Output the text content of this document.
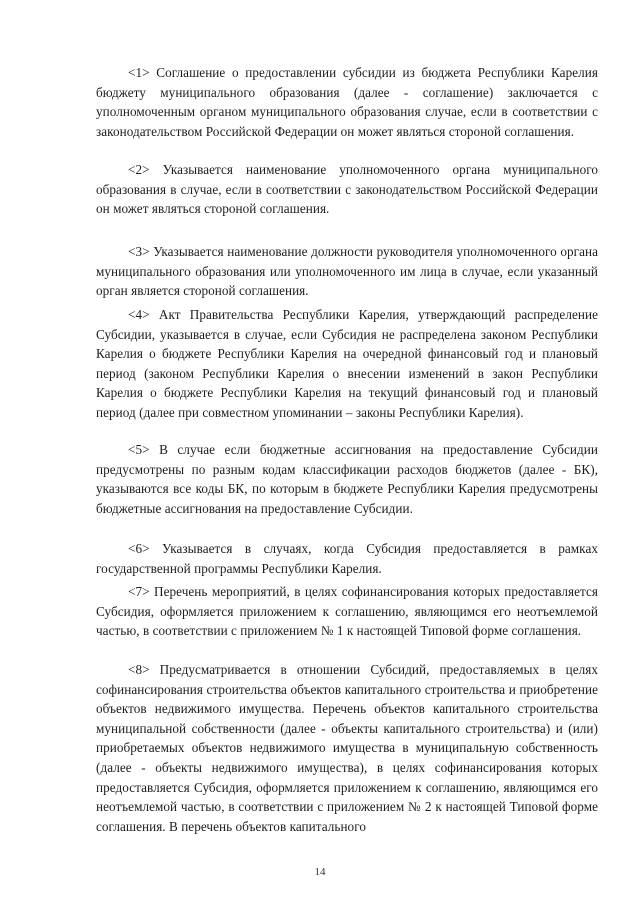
<1> Соглашение о предоставлении субсидии из бюджета Республики Карелия бюджету муниципального образования (далее - соглашение) заключается с уполномоченным органом муниципального образования случае, если в соответствии с законодательством Российской Федерации он может являться стороной соглашения.

<2> Указывается наименование уполномоченного органа муниципального образования в случае, если в соответствии с законодательством Российской Федерации он может являться стороной соглашения.

<3> Указывается наименование должности руководителя уполномоченного органа муниципального образования или уполномоченного им лица в случае, если указанный орган является стороной соглашения.

<4> Акт Правительства Республики Карелия, утверждающий распределение Субсидии, указывается в случае, если Субсидия не распределена законом Республики Карелия о бюджете Республики Карелия на очередной финансовый год и плановый период (законом Республики Карелия о внесении изменений в закон Республики Карелия о бюджете Республики Карелия на текущий финансовый год и плановый период (далее при совместном упоминании – законы Республики Карелия).

<5> В случае если бюджетные ассигнования на предоставление Субсидии предусмотрены по разным кодам классификации расходов бюджетов (далее - БК), указываются все коды БК, по которым в бюджете Республики Карелия предусмотрены бюджетные ассигнования на предоставление Субсидии.

<6> Указывается в случаях, когда Субсидия предоставляется в рамках государственной программы Республики Карелия.

<7> Перечень мероприятий, в целях софинансирования которых предоставляется Субсидия, оформляется приложением к соглашению, являющимся его неотъемлемой частью, в соответствии с приложением № 1 к настоящей Типовой форме соглашения.

<8> Предусматривается в отношении Субсидий, предоставляемых в целях софинансирования строительства объектов капитального строительства и приобретение объектов недвижимого имущества. Перечень объектов капитального строительства муниципальной собственности (далее - объекты капитального строительства) и (или) приобретаемых объектов недвижимого имущества в муниципальную собственность (далее - объекты недвижимого имущества), в целях софинансирования которых предоставляется Субсидия, оформляется приложением к соглашению, являющимся его неотъемлемой частью, в соответствии с приложением № 2 к настоящей Типовой форме соглашения. В перечень объектов капитального

14
